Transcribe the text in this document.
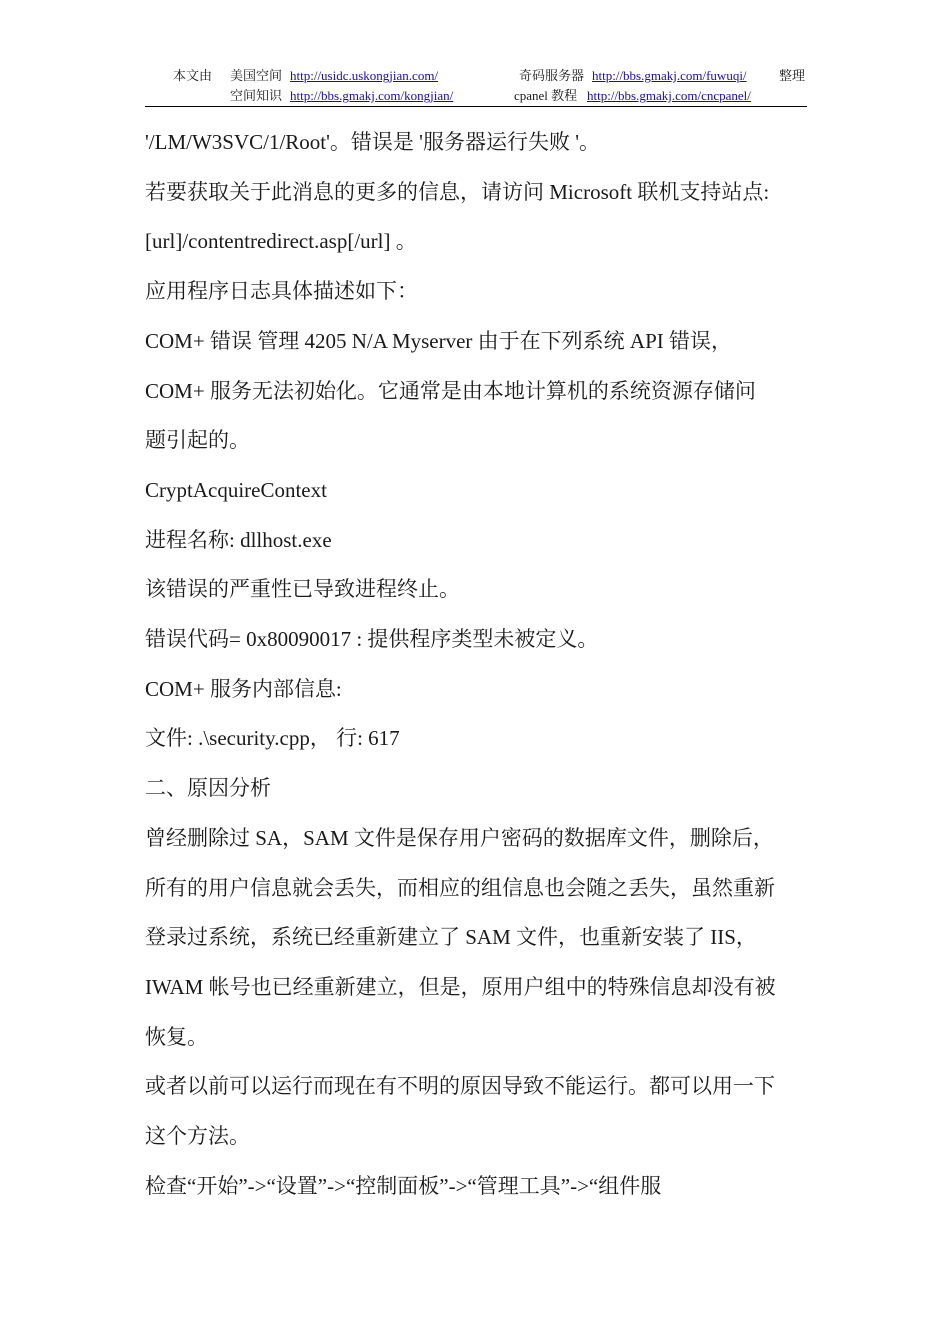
本文由 美国空间 http://usidc.uskongjian.com/	奇码服务器 http://bbs.gmakj.com/fuwuqi/ 整理
空间知识 http://bbs.gmakj.com/kongjian/	cpanel 教程 http://bbs.gmakj.com/cncpanel/

'/LM/W3SVC/1/Root'。错误是 '服务器运行失败 '。

若要获取关于此消息的更多的信息，请访问 Microsoft 联机支持站点:

[url]/contentredirect.asp[/url] 。

应用程序日志具体描述如下：

COM+ 错误 管理 4205 N/A Myserver 由于在下列系统 API 错误，

COM+ 服务无法初始化。它通常是由本地计算机的系统资源存储问

题引起的。

CryptAcquireContext

进程名称: dllhost.exe

该错误的严重性已导致进程终止。

错误代码= 0x80090017 : 提供程序类型未被定义。

COM+ 服务内部信息:

文件: .\security.cpp， 行: 617

二、原因分析

曾经删除过 SA，SAM 文件是保存用户密码的数据库文件，删除后，

所有的用户信息就会丢失，而相应的组信息也会随之丢失，虽然重新

登录过系统，系统已经重新建立了 SAM 文件，也重新安装了 IIS，

IWAM 帐号也已经重新建立，但是，原用户组中的特殊信息却没有被

恢复。

或者以前可以运行而现在有不明的原因导致不能运行。都可以用一下

这个方法。

检查“开始”->“设置”->“控制面板”->“管理工具”->“组件服
